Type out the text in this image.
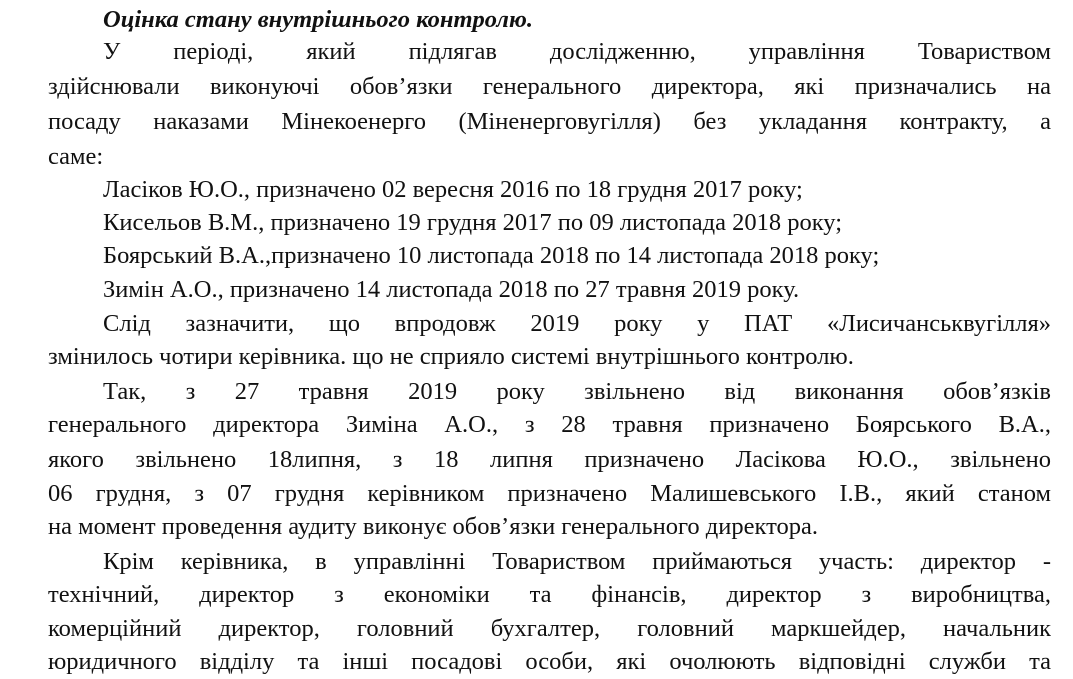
Оцінка стану внутрішнього контролю.
У періоді, який підлягав дослідженню, управління Товариством
здійснювали виконуючі обов’язки генерального директора, які призначались на
посаду наказами Мінекоенерго (Міненерговугілля) без укладання контракту, а
саме:
Ласіков Ю.О., призначено 02 вересня 2016 по 18 грудня 2017 року;
Кисельов В.М., призначено 19 грудня 2017 по 09 листопада 2018 року;
Боярський В.А.,призначено 10 листопада 2018 по 14 листопада 2018 року;
Зимін А.О., призначено 14 листопада 2018 по 27 травня 2019 року.
Слід зазначити, що впродовж 2019 року у ПАТ «Лисичанськвугілля»
змінилось чотири керівника. що не сприяло системі внутрішнього контролю.
Так, з 27 травня 2019 року звільнено від виконання обов’язків
генерального директора Зиміна А.О., з 28 травня призначено Боярського В.А.,
якого звільнено 18липня, з 18 липня призначено Ласікова Ю.О., звільнено
06 грудня, з 07 грудня керівником призначено Малишевського І.В., який станом
на момент проведення аудиту виконує обов’язки генерального директора.
Крім керівника, в управлінні Товариством приймаються участь: директор -
технічний, директор з економіки та фінансів, директор з виробництва,
комерційний директор, головний бухгалтер, головний маркшейдер, начальник
юридичного відділу та інші посадові особи, які очолюють відповідні служби та
